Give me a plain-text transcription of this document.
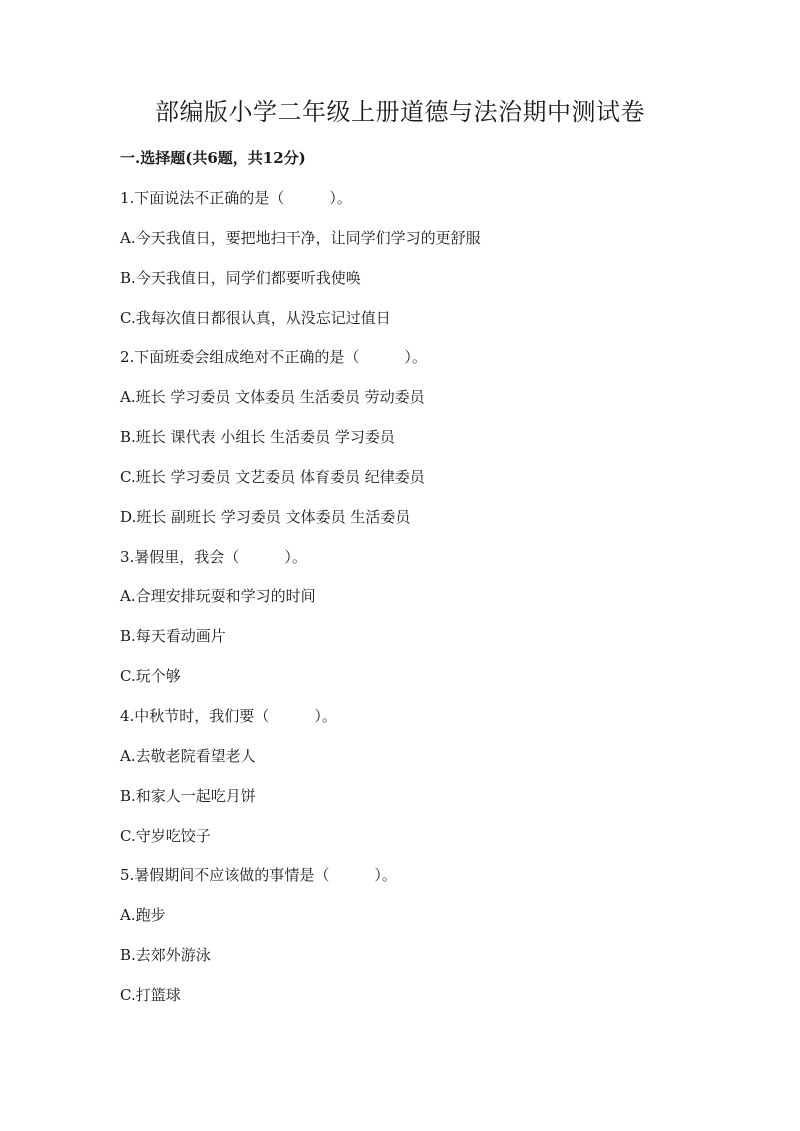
部编版小学二年级上册道德与法治期中测试卷
一.选择题(共6题，共12分)
1.下面说法不正确的是（　　　）。
A.今天我值日，要把地扫干净，让同学们学习的更舒服
B.今天我值日，同学们都要听我使唤
C.我每次值日都很认真，从没忘记过值日
2.下面班委会组成绝对不正确的是（　　　）。
A.班长 学习委员 文体委员 生活委员 劳动委员
B.班长 课代表 小组长 生活委员 学习委员
C.班长 学习委员 文艺委员 体育委员 纪律委员
D.班长 副班长 学习委员 文体委员 生活委员
3.暑假里，我会（　　　）。
A.合理安排玩耍和学习的时间
B.每天看动画片
C.玩个够
4.中秋节时，我们要（　　　）。
A.去敬老院看望老人
B.和家人一起吃月饼
C.守岁吃饺子
5.暑假期间不应该做的事情是（　　　）。
A.跑步
B.去郊外游泳
C.打篮球
